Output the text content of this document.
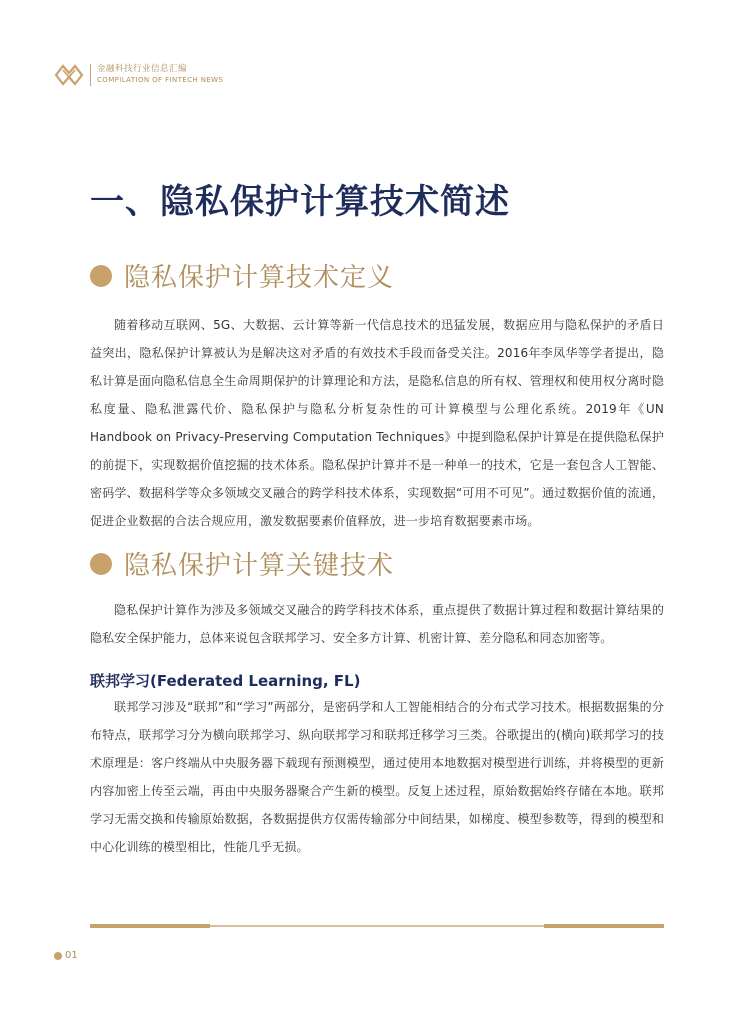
金融科技行业信息汇编
COMPILATION OF FINTECH NEWS
一、隐私保护计算技术简述
隐私保护计算技术定义

随着移动互联网、5G、大数据、云计算等新一代信息技术的迅猛发展，数据应用与隐私保护的矛盾日益突出，隐私保护计算被认为是解决这对矛盾的有效技术手段而备受关注。2016年李凤华等学者提出，隐私计算是面向隐私信息全生命周期保护的计算理论和方法，是隐私信息的所有权、管理权和使用权分离时隐私度量、隐私泄露代价、隐私保护与隐私分析复杂性的可计算模型与公理化系统。2019年《UN Handbook on Privacy-Preserving Computation Techniques》中提到隐私保护计算是在提供隐私保护的前提下，实现数据价值挖掘的技术体系。隐私保护计算并不是一种单一的技术，它是一套包含人工智能、密码学、数据科学等众多领域交叉融合的跨学科技术体系，实现数据“可用不可见”。通过数据价值的流通，促进企业数据的合法合规应用，激发数据要素价值释放，进一步培育数据要素市场。

隐私保护计算关键技术

隐私保护计算作为涉及多领域交叉融合的跨学科技术体系，重点提供了数据计算过程和数据计算结果的隐私安全保护能力，总体来说包含联邦学习、安全多方计算、机密计算、差分隐私和同态加密等。

联邦学习(Federated Learning, FL)

联邦学习涉及“联邦”和“学习”两部分，是密码学和人工智能相结合的分布式学习技术。根据数据集的分布特点，联邦学习分为横向联邦学习、纵向联邦学习和联邦迁移学习三类。谷歌提出的(横向)联邦学习的技术原理是：客户终端从中央服务器下载现有预测模型，通过使用本地数据对模型进行训练，并将模型的更新内容加密上传至云端，再由中央服务器聚合产生新的模型。反复上述过程，原始数据始终存储在本地。联邦学习无需交换和传输原始数据，各数据提供方仅需传输部分中间结果，如梯度、模型参数等，得到的模型和中心化训练的模型相比，性能几乎无损。

01
